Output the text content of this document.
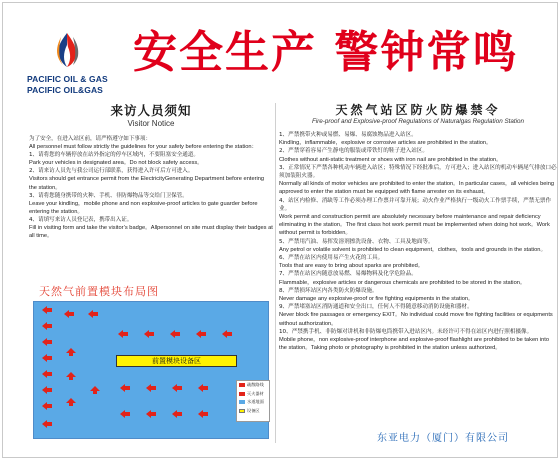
PACIFIC OIL & GAS
PACIFIC OIL&GAS
安全生产 警钟常鸣
来访人员须知
Visitor Notice
为了安全，在进入站区前，请严格遵守如下事项：
All personnel must follow strictly the guidelines for your safety before entering the station：
1、请将您的车辆停放在站外指定的停车区域内，不要阻塞安全通道。
Park your vehicles in designated area。Do not block safety access。
2、请来访人员先与我公司运行部联系，获得进入许可后方可进入。
Visitors should get entrance permit from the ElectricityGenerating Department before entering the station。
3、请将您随身携带的火种、手机、非防爆物品等交给门卫保管。
Leave your kindling，mobile phone and non explosive-proof articles to gate guarder before entering the station。
4、请填写来访人员登记表，携带出入证。
Fill in visiting form and take the visitor’s badge。Allpersonnel on site must display their badges at all time。
天然气前置模块布局图
前置模块设备区
疏散路线
灭火器材
水道地面
设备区
天然气站区防火防爆禁令
Fire-proof and Explosive-proof Regulations of Naturalgas Regulation Station
1、严禁携带火种或易燃、易爆、易腐蚀物品进入站区。
Kindling，inflammable，explosive or corrosive articles are prohibited in the station。
2、严禁穿着容易产生静电的服装或带铁钉的鞋子进入站区。
Clothes without anti-static treatment or shoes with iron nail are prohibited in the station。
3、正常情况下严禁各种机动车辆进入站区；特殊情况下经批准后，方可进入；进入站区的机动车辆尾气排放口必须加装阻火器。
Normally all kinds of motor vehicles are prohibited to enter the station。In particular cases，all vehicles being approved to enter the station must be equipped with flame arrester on its exhaust。
4、站区内检修、消缺等工作必须办理工作票并可靠开展；动火作业严格执行一级动火工作票手续，严禁无票作业。
Work permit and construction permit are absolutely necessary before maintenance and repair deficiency eliminating in the station。The first class hot work permit must be implemented when doing hot work。Work without permit is forbidden。
5、严禁用汽油、易挥发溶剂擦洗设备、衣物、工具及地面等。
Any petrol or volatile solvent is prohibited to clean equipment，clothes，tools and grounds in the station。
6、严禁在站区内使用易产生火花的工具。
Tools that are easy to bring about sparks are prohibited。
7、严禁在站区内随意放易燃、易爆物料及化学危险品。
Flammable，explosive articles or dangerous chemicals are prohibited to be stored in the station。
8、严禁损坏站区内各类防火防爆设施。
Never damage any explosive-proof or fire fighting equipments in the station。
9、严禁堵塞站区消防通道和安全出口，任何人不得随意移动消防设施和器材。
Never block fire passages or emergency EXIT。No individual could move fire fighting facilities or equipments without authorization。
10、严禁携手机、非防爆对讲机和非防爆电筒携带入进站区内。未经许可不得在站区内进行照相摄像。
Mobile phone，non explosive-proof interphone and explosive-proof flashlight are prohibited to be taken into the station。Taking photo or photography is prohibited in the station unless authorized。
东亚电力（厦门）有限公司
